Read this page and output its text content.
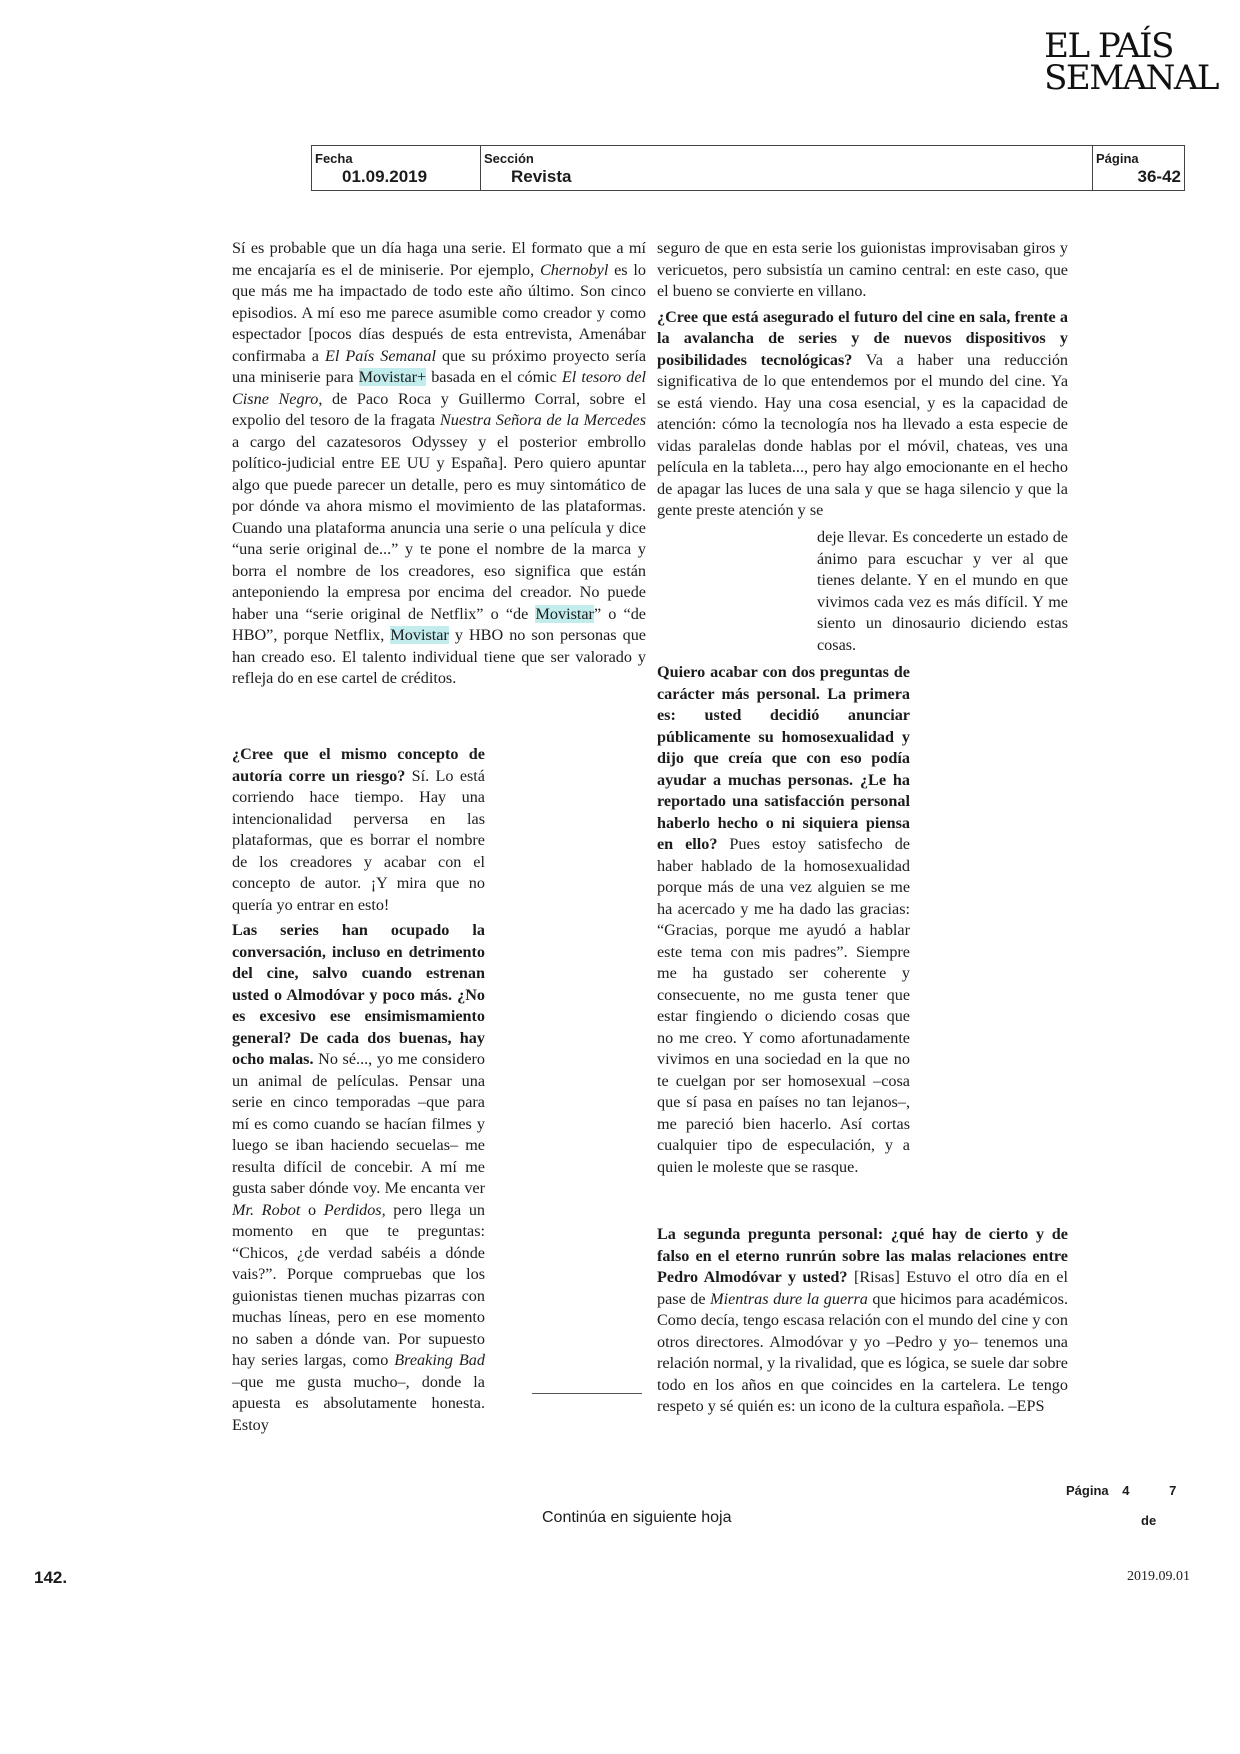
EL PAÍS
SEMANAL
Fecha
01.09.2019
Sección
Revista
Página
36-42

Sí es probable que un día haga una serie. El formato que a mí me encajaría es el de miniserie. Por ejemplo, Chernobyl es lo que más me ha impactado de todo este año último. Son cinco episodios. A mí eso me parece asumible como creador y como espectador [pocos días después de esta entrevista, Amenábar confirmaba a El País Semanal que su próximo proyecto sería una miniserie para Movistar+ basada en el cómic El tesoro del Cisne Negro, de Paco Roca y Guillermo Corral, sobre el expolio del tesoro de la fragata Nuestra Señora de la Mercedes a cargo del cazatesoros Odyssey y el posterior embrollo político-judicial entre EE UU y España]. Pero quiero apuntar algo que puede parecer un detalle, pero es muy sintomático de por dónde va ahora mismo el movimiento de las plataformas. Cuando una plataforma anuncia una serie o una película y dice “una serie original de...” y te pone el nombre de la marca y borra el nombre de los creadores, eso significa que están anteponiendo la empresa por encima del creador. No puede haber una “serie original de Netflix” o “de Movistar” o “de HBO”, porque Netflix, Movistar y HBO no son personas que han creado eso. El talento individual tiene que ser valorado y refleja do en ese cartel de créditos.

¿Cree que el mismo concepto de autoría corre un riesgo? Sí. Lo está corriendo hace tiempo. Hay una intencionalidad perversa en las plataformas, que es borrar el nombre de los creadores y acabar con el concepto de autor. ¡Y mira que no quería yo entrar en esto!

Las series han ocupado la conversación, incluso en detrimento del cine, salvo cuando estrenan usted o Almodóvar y poco más. ¿No es excesivo ese ensimismamiento general? De cada dos buenas, hay ocho malas. No sé..., yo me considero un animal de películas. Pensar una serie en cinco temporadas –que para mí es como cuando se hacían filmes y luego se iban haciendo secuelas– me resulta difícil de concebir. A mí me gusta saber dónde voy. Me encanta ver Mr. Robot o Perdidos, pero llega un momento en que te preguntas: “Chicos, ¿de verdad sabéis a dónde vais?”. Porque compruebas que los guionistas tienen muchas pizarras con muchas líneas, pero en ese momento no saben a dónde van. Por supuesto hay series largas, como Breaking Bad –que me gusta mucho–, donde la apuesta es absolutamente honesta. Estoy

seguro de que en esta serie los guionistas improvisaban giros y vericuetos, pero subsistía un camino central: en este caso, que el bueno se convierte en villano.

¿Cree que está asegurado el futuro del cine en sala, frente a la avalancha de series y de nuevos dispositivos y posibilidades tecnológicas? Va a haber una reducción significativa de lo que entendemos por el mundo del cine. Ya se está viendo. Hay una cosa esencial, y es la capacidad de atención: cómo la tecnología nos ha llevado a esta especie de vidas paralelas donde hablas por el móvil, chateas, ves una película en la tableta..., pero hay algo emocionante en el hecho de apagar las luces de una sala y que se haga silencio y que la gente preste atención y se

deje llevar. Es concederte un estado de ánimo para escuchar y ver al que tienes delante. Y en el mundo en que vivimos cada vez es más difícil. Y me siento un dinosaurio diciendo estas cosas.

Quiero acabar con dos preguntas de carácter más personal. La primera es: usted decidió anunciar públicamente su homosexualidad y dijo que creía que con eso podía ayudar a muchas personas. ¿Le ha reportado una satisfacción personal haberlo hecho o ni siquiera piensa en ello? Pues estoy satisfecho de haber hablado de la homosexualidad porque más de una vez alguien se me ha acercado y me ha dado las gracias: “Gracias, porque me ayudó a hablar este tema con mis padres”. Siempre me ha gustado ser coherente y consecuente, no me gusta tener que estar fingiendo o diciendo cosas que no me creo. Y como afortunadamente vivimos en una sociedad en la que no te cuelgan por ser homosexual –cosa que sí pasa en países no tan lejanos–, me pareció bien hacerlo. Así cortas cualquier tipo de especulación, y a quien le moleste que se rasque.

La segunda pregunta personal: ¿qué hay de cierto y de falso en el eterno runrún sobre las malas relaciones entre Pedro Almodóvar y usted? [Risas] Estuvo el otro día en el pase de Mientras dure la guerra que hicimos para académicos. Como decía, tengo escasa relación con el mundo del cine y con otros directores. Almodóvar y yo –Pedro y yo– tenemos una relación normal, y la rivalidad, que es lógica, se suele dar sobre todo en los años en que coincides en la cartelera. Le tengo respeto y sé quién es: un icono de la cultura española. –EPS

Página 4	7
de
Continúa en siguiente hoja
142.	2019.09.01
